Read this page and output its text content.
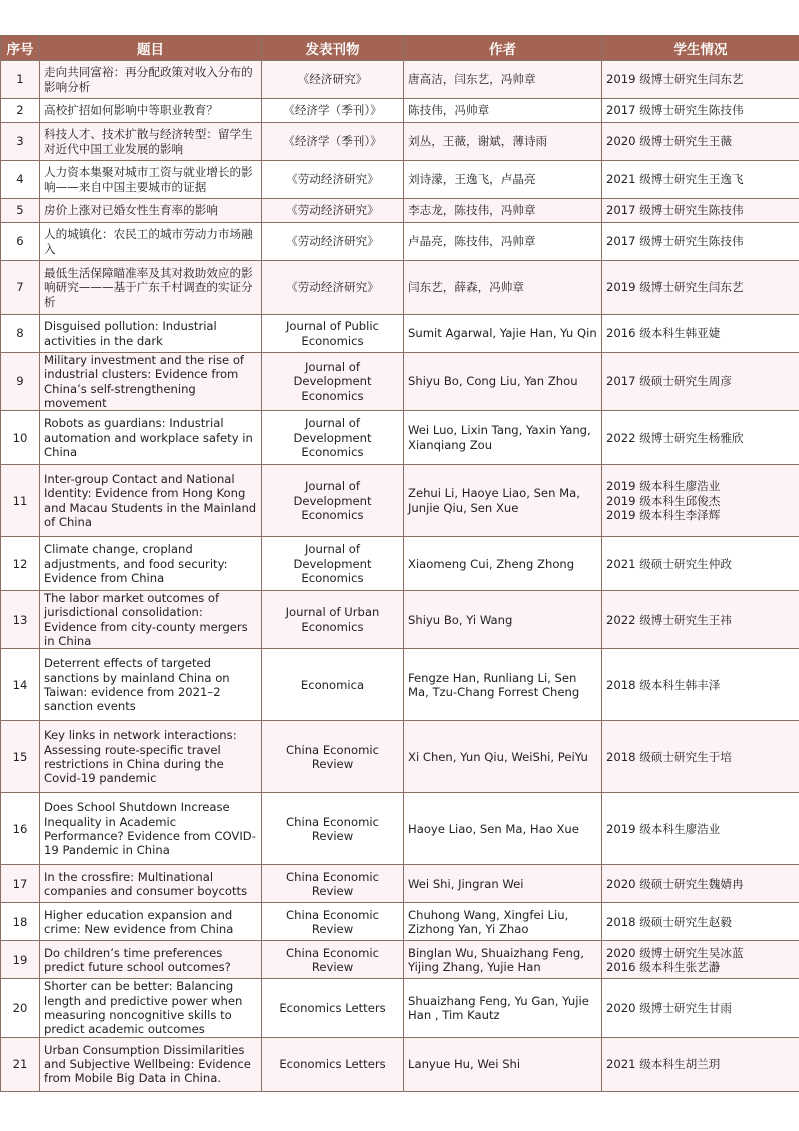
序号	题目	发表刊物	作者	学生情况
1	走向共同富裕：再分配政策对收入分布的影响分析	《经济研究》	唐高洁，闫东艺，冯帅章	2019 级博士研究生闫东艺

2	高校扩招如何影响中等职业教育？	《经济学（季刊）》	陈技伟，冯帅章	2017 级博士研究生陈技伟

3	科技人才、技术扩散与经济转型：留学生对近代中国工业发展的影响	《经济学（季刊）》	刘丛，王薇，谢斌，薄诗雨	2020 级博士研究生王薇

4	人力资本集聚对城市工资与就业增长的影响——来自中国主要城市的证据	《劳动经济研究》	刘诗濛，王逸飞，卢晶亮	2021 级博士研究生王逸飞

5	房价上涨对已婚女性生育率的影响	《劳动经济研究》	李志龙，陈技伟，冯帅章	2017 级博士研究生陈技伟

6	人的城镇化：农民工的城市劳动力市场融入	《劳动经济研究》	卢晶亮，陈技伟，冯帅章	2017 级博士研究生陈技伟

7	最低生活保障瞄准率及其对救助效应的影响研究———基于广东千村调查的实证分析	《劳动经济研究》	闫东艺，薛森，冯帅章	2019 级博士研究生闫东艺

8	Disguised pollution: Industrial activities in the dark	Journal of Public Economics	Sumit Agarwal, Yajie Han, Yu Qin	2016 级本科生韩亚婕

9	Military investment and the rise of industrial clusters: Evidence from China’s self-strengthening movement	Journal of Development Economics	Shiyu Bo, Cong Liu, Yan Zhou	2017 级硕士研究生周彦

10	Robots as guardians: Industrial automation and workplace safety in China	Journal of Development Economics	Wei Luo, Lixin Tang, Yaxin Yang, Xianqiang Zou	2022 级博士研究生杨雅欣

11	Inter-group Contact and National Identity: Evidence from Hong Kong and Macau Students in the Mainland of China	Journal of Development Economics	Zehui Li, Haoye Liao, Sen Ma, Junjie Qiu, Sen Xue	2019 级本科生廖浩业
2019 级本科生邱俊杰
2019 级本科生李泽辉

12	Climate change, cropland adjustments, and food security: Evidence from China	Journal of Development Economics	Xiaomeng Cui, Zheng Zhong	2021 级硕士研究生仲政

13	The labor market outcomes of jurisdictional consolidation: Evidence from city-county mergers in China	Journal of Urban Economics	Shiyu Bo, Yi Wang	2022 级博士研究生王祎

14	Deterrent effects of targeted sanctions by mainland China on Taiwan: evidence from 2021–2 sanction events	Economica	Fengze Han, Runliang Li, Sen Ma, Tzu-Chang Forrest Cheng	2018 级本科生韩丰泽

15	Key links in network interactions: Assessing route-specific travel restrictions in China during the Covid-19 pandemic	China Economic Review	Xi Chen, Yun Qiu, WeiShi, PeiYu	2018 级硕士研究生于培

16	Does School Shutdown Increase Inequality in Academic Performance? Evidence from COVID-19 Pandemic in China	China Economic Review	Haoye Liao, Sen Ma, Hao Xue	2019 级本科生廖浩业

17	In the crossfire: Multinational companies and consumer boycotts	China Economic Review	Wei Shi, Jingran Wei	2020 级硕士研究生魏婧冉

18	Higher education expansion and crime: New evidence from China	China Economic Review	Chuhong Wang, Xingfei Liu, Zizhong Yan, Yi Zhao	2018 级硕士研究生赵毅

19	Do children’s time preferences predict future school outcomes?	China Economic Review	Binglan Wu, Shuaizhang Feng, Yijing Zhang, Yujie Han	2020 级博士研究生吴冰蓝
2016 级本科生张艺瀞

20	Shorter can be better: Balancing length and predictive power when measuring noncognitive skills to predict academic outcomes	Economics Letters	Shuaizhang Feng, Yu Gan, Yujie Han , Tim Kautz	2020 级博士研究生甘雨

21	Urban Consumption Dissimilarities and Subjective Wellbeing: Evidence from Mobile Big Data in China.	Economics Letters	Lanyue Hu, Wei Shi	2021 级本科生胡兰玥
